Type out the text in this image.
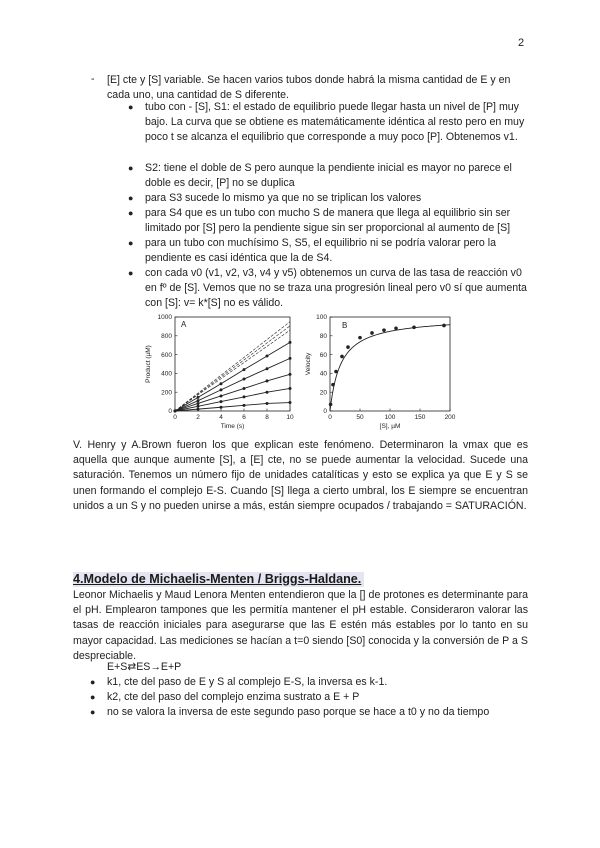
2
- [E] cte y [S] variable. Se hacen varios tubos donde habrá la misma cantidad de E y en cada uno, una cantidad de S diferente.

● tubo con - [S], S1: el estado de equilibrio puede llegar hasta un nivel de [P] muy bajo. La curva que se obtiene es matemáticamente idéntica al resto pero en muy poco t se alcanza el equilibrio que corresponde a muy poco [P]. Obtenemos v1.

● S2: tiene el doble de S pero aunque la pendiente inicial es mayor no parece el doble es decir, [P] no se duplica

● para S3 sucede lo mismo ya que no se triplican los valores

● para S4 que es un tubo con mucho S de manera que llega al equilibrio sin ser limitado por [S] pero la pendiente sigue sin ser proporcional al aumento de [S]

● para un tubo con muchísimo S, S5, el equilibrio ni se podría valorar pero la pendiente es casi idéntica que la de S4.

● con cada v0 (v1, v2, v3, v4 y v5) obtenemos un curva de las tasa de reacción v0 en fº de [S]. Vemos que no se traza una progresión lineal pero v0 sí que aumenta con [S]: v= k*[S] no es válido.

0	2	4	6	8	10
0
200
400
600
800
1000
A
Time (s)
Product (µM)
0	50	100	150	200
0
20
40
60
80
100
B
[S], µM
Velocity

V. Henry y A.Brown fueron los que explican este fenómeno. Determinaron la vmax que es aquella que aunque aumente [S], a [E] cte, no se puede aumentar la velocidad. Sucede una saturación. Tenemos un número fijo de unidades catalíticas y esto se explica ya que E y S se unen formando el complejo E-S. Cuando [S] llega a cierto umbral, los E siempre se encuentran unidos a un S y no pueden unirse a más, están siempre ocupados / trabajando = SATURACIÓN.

4.Modelo de Michaelis-Menten / Briggs-Haldane.

Leonor Michaelis y Maud Lenora Menten entendieron que la [] de protones es determinante para el pH. Emplearon tampones que les permitía mantener el pH estable. Consideraron valorar las tasas de reacción iniciales para asegurarse que las E estén más estables por lo tanto en su mayor capacidad. Las mediciones se hacían a t=0 siendo [S0] conocida y la conversión de P a S despreciable.

E+S⇄ES→E+P

● k1, cte del paso de E y S al complejo E-S, la inversa es k-1.

● k2, cte del paso del complejo enzima sustrato a E + P

● no se valora la inversa de este segundo paso porque se hace a t0 y no da tiempo
